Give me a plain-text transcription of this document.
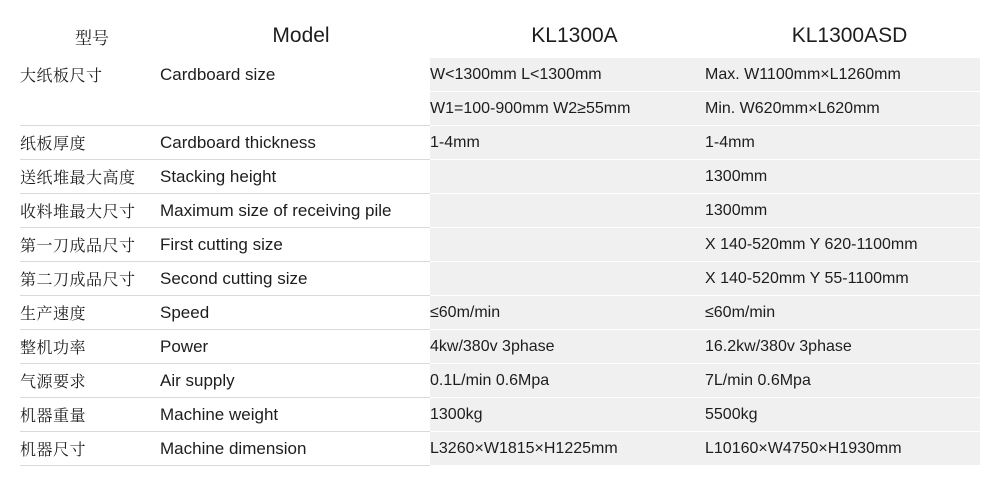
型号	Model	KL1300A	KL1300ASD
大纸板尺寸	Cardboard size	W<1300mm L<1300mm	Max. W1100mm×L1260mm
		W1=100-900mm W2≥55mm	Min. W620mm×L620mm
纸板厚度	Cardboard thickness	1-4mm	1-4mm
送纸堆最大高度	Stacking height		1300mm
收料堆最大尺寸	Maximum size of receiving pile		1300mm
第一刀成品尺寸	First cutting size		X 140-520mm Y 620-1100mm
第二刀成品尺寸	Second cutting size		X 140-520mm Y 55-1100mm
生产速度	Speed	≤60m/min	≤60m/min
整机功率	Power	4kw/380v 3phase	16.2kw/380v 3phase
气源要求	Air supply	0.1L/min 0.6Mpa	7L/min 0.6Mpa
机器重量	Machine weight	1300kg	5500kg
机器尺寸	Machine dimension	L3260×W1815×H1225mm	L10160×W4750×H1930mm
